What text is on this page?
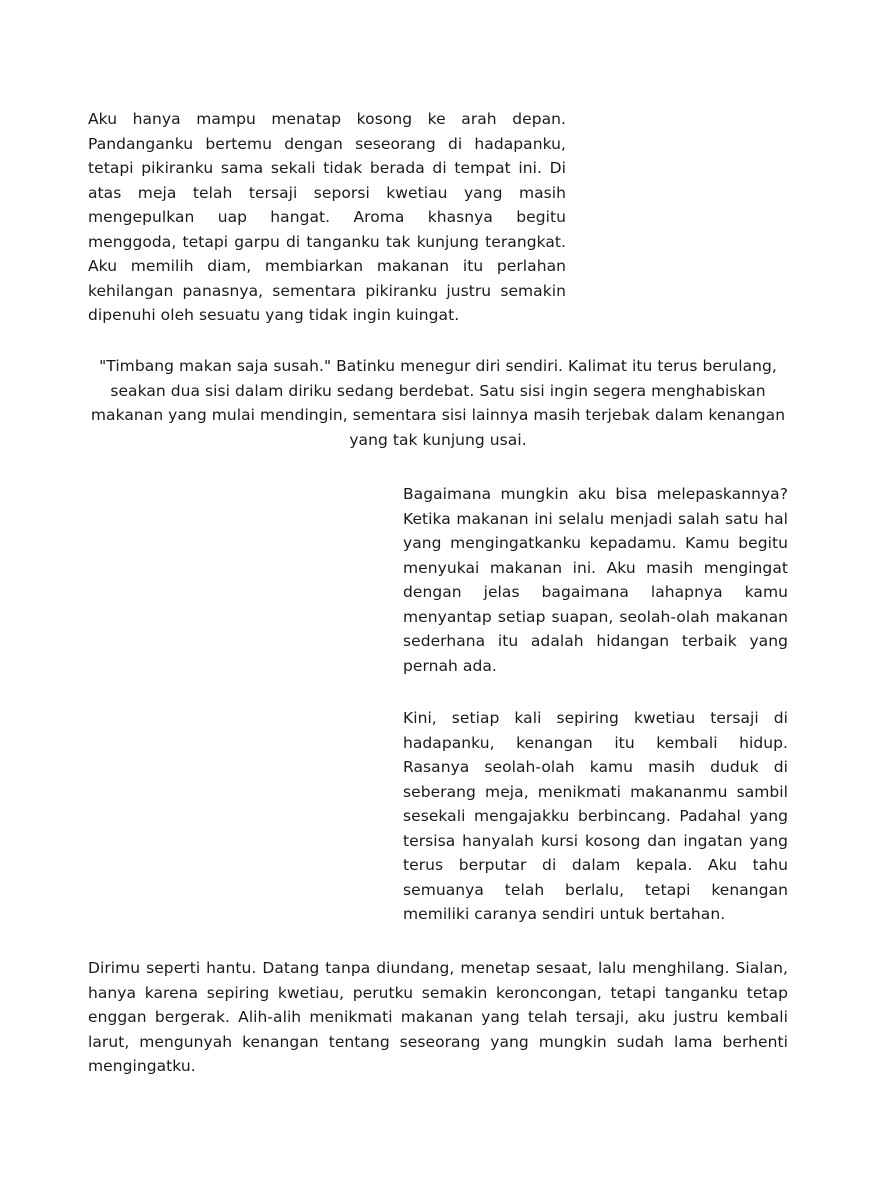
Aku hanya mampu menatap kosong ke arah depan. Pandanganku bertemu dengan seseorang di hadapanku, tetapi pikiranku sama sekali tidak berada di tempat ini. Di atas meja telah tersaji seporsi kwetiau yang masih mengepulkan uap hangat. Aroma khasnya begitu menggoda, tetapi garpu di tanganku tak kunjung terangkat. Aku memilih diam, membiarkan makanan itu perlahan kehilangan panasnya, sementara pikiranku justru semakin dipenuhi oleh sesuatu yang tidak ingin kuingat.

"Timbang makan saja susah." Batinku menegur diri sendiri. Kalimat itu terus berulang, seakan dua sisi dalam diriku sedang berdebat. Satu sisi ingin segera menghabiskan makanan yang mulai mendingin, sementara sisi lainnya masih terjebak dalam kenangan yang tak kunjung usai.

Bagaimana mungkin aku bisa melepaskannya? Ketika makanan ini selalu menjadi salah satu hal yang mengingatkanku kepadamu. Kamu begitu menyukai makanan ini. Aku masih mengingat dengan jelas bagaimana lahapnya kamu menyantap setiap suapan, seolah-olah makanan sederhana itu adalah hidangan terbaik yang pernah ada.

Kini, setiap kali sepiring kwetiau tersaji di hadapanku, kenangan itu kembali hidup. Rasanya seolah-olah kamu masih duduk di seberang meja, menikmati makananmu sambil sesekali mengajakku berbincang. Padahal yang tersisa hanyalah kursi kosong dan ingatan yang terus berputar di dalam kepala. Aku tahu semuanya telah berlalu, tetapi kenangan memiliki caranya sendiri untuk bertahan.

Dirimu seperti hantu. Datang tanpa diundang, menetap sesaat, lalu menghilang. Sialan, hanya karena sepiring kwetiau, perutku semakin keroncongan, tetapi tanganku tetap enggan bergerak. Alih-alih menikmati makanan yang telah tersaji, aku justru kembali larut, mengunyah kenangan tentang seseorang yang mungkin sudah lama berhenti mengingatku.
